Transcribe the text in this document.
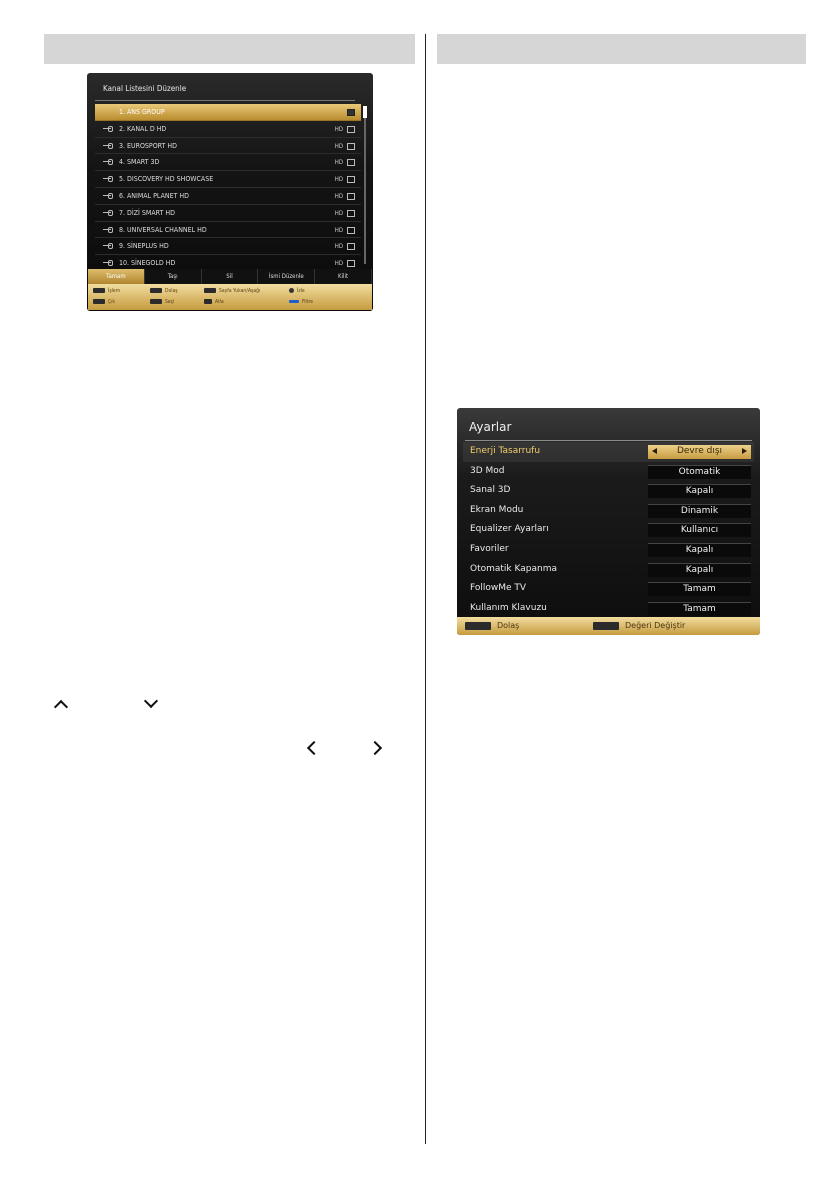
Kanal Listesini Düzenle
1. ANS GROUP
2. KANAL D HD	HD
3. EUROSPORT HD	HD
4. SMART 3D	HD
5. DISCOVERY HD SHOWCASE	HD
6. ANIMAL PLANET HD	HD
7. DİZİ SMART HD	HD
8. UNIVERSAL CHANNEL HD	HD
9. SİNEPLUS HD	HD
10. SİNEGOLD HD	HD
Tamam	Taşı	Sil	İsmi Düzenle	Kilit
İşlem	Dolaş	Sayfa Yukarı/Aşağı	İzle
Çık	Seçl	Atla	Filtre
Ayarlar
Enerji Tasarrufu	Devre dışı
3D Mod	Otomatik
Sanal 3D	Kapalı
Ekran Modu	Dinamik
Equalizer Ayarları	Kullanıcı
Favoriler	Kapalı
Otomatik Kapanma	Kapalı
FollowMe TV	Tamam
Kullanım Klavuzu	Tamam
Dolaş	Değeri Değiştir
